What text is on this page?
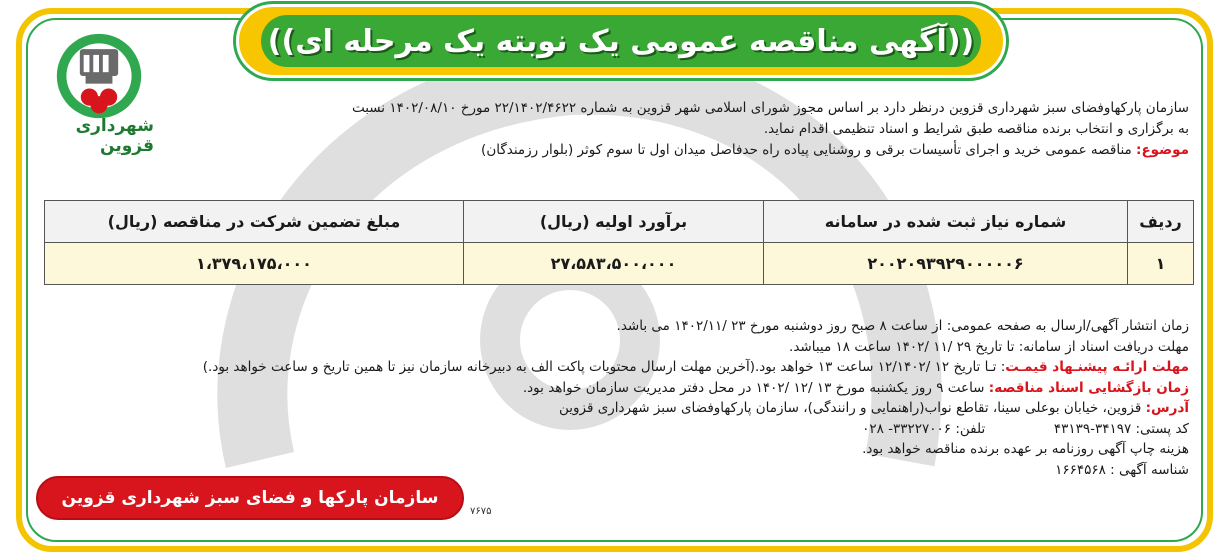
((آگهی مناقصه عمومی یک نوبته یک مرحله ای))
۱۳۸۴
شهرداری قزوین
سازمان پارکهاوفضای سبز شهرداری قزوین درنظر دارد بر اساس مجوز شورای اسلامی شهر قزوین به شماره ۲۲/۱۴۰۲/۴۶۲۲ مورخ ۱۴۰۲/۰۸/۱۰ نسبت
به برگزاری و انتخاب برنده مناقصه طبق شرایط و اسناد تنظیمی اقدام نماید.
موضوع: مناقصه عمومی خرید و اجرای تأسیسات برقی و روشنایی پیاده راه حدفاصل میدان اول تا سوم کوثر (بلوار رزمندگان)
ردیف	شماره نیاز ثبت شده در سامانه	برآورد اولیه (ریال)	مبلغ تضمین شرکت در مناقصه (ریال)
۱	۲۰۰۲۰۹۳۹۲۹۰۰۰۰۰۶	۲۷،۵۸۳،۵۰۰،۰۰۰	۱،۳۷۹،۱۷۵،۰۰۰

زمان انتشار آگهی/ارسال به صفحه عمومی: از ساعت ۸ صبح روز دوشنبه مورخ ۲۳ /۱۴۰۲/۱۱ می باشد.

مهلت دریافت اسناد از سامانه: تا تاریخ ۲۹ /۱۱ /۱۴۰۲ ساعت ۱۸ میباشد.

مهلت ارائـه پیشنـهاد قیمـت: تـا تاریخ ۱۲ /۱۲/۱۴۰۲ ساعت ۱۳ خواهد بود.(آخرین مهلت ارسال محتویات پاکت الف به دبیرخانه سازمان نیز تا همین تاریخ و ساعت خواهد بود.)

زمان بازگشایی اسناد مناقصه: ساعت ۹ روز یکشنبه مورخ ۱۳ /۱۲ /۱۴۰۲ در محل دفتر مدیریت سازمان خواهد بود.

آدرس: قزوین، خیابان بوعلی سینا، تقاطع نواب(راهنمایی و رانندگی)، سازمان پارکهاوفضای سبز شهرداری قزوین

کد پستی: ۳۴۱۹۷-۴۳۱۳۹  تلفن: ۳۳۲۲۷۰۰۶- ۰۲۸

هزینه چاپ آگهی روزنامه بر عهده برنده مناقصه خواهد بود.

شناسه آگهی : ۱۶۶۴۵۶۸

سازمان پارکها و فضای سبز شهرداری قزوین
۷۶۷۵
